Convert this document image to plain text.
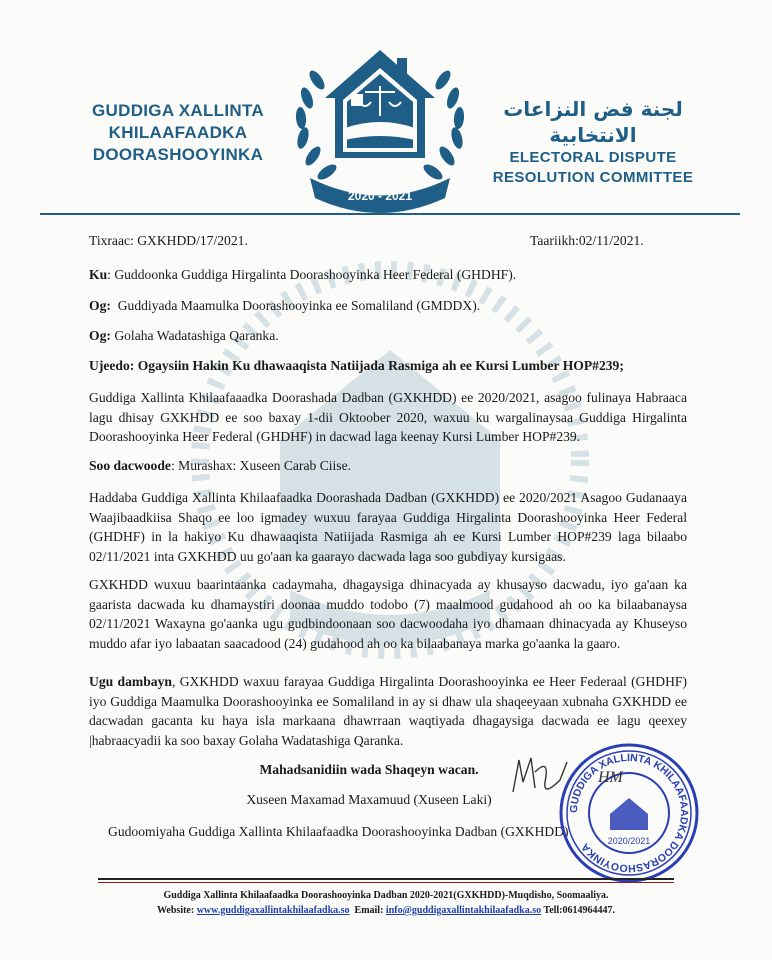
GUDDIGA XALLINTA
KHILAAFAADKA
DOORASHOOYINKA
2020 - 2021
لجنة فض النزاعات الانتخابية
ELECTORAL DISPUTE
RESOLUTION COMMITTEE
Tixraac: GXKHDD/17/2021.	Taariikh:02/11/2021.
Ku: Guddoonka Guddiga Hirgalinta Doorashooyinka Heer Federal (GHDHF).
Og: Guddiyada Maamulka Doorashooyinka ee Somaliland (GMDDX).
Og: Golaha Wadatashiga Qaranka.
Ujeedo: Ogaysiin Hakin Ku dhawaaqista Natiijada Rasmiga ah ee Kursi Lumber HOP#239;
Guddiga Xallinta Khilaafaaadka Doorashada Dadban (GXKHDD) ee 2020/2021, asagoo fulinaya Habraaca lagu dhisay GXKHDD ee soo baxay 1-dii Oktoober 2020, waxuu ku wargalinaysaa Guddiga Hirgalinta Doorashooyinka Heer Federal (GHDHF) in dacwad laga keenay Kursi Lumber HOP#239.
Soo dacwoode: Murashax: Xuseen Carab Ciise.
Haddaba Guddiga Xallinta Khilaafaadka Doorashada Dadban (GXKHDD) ee 2020/2021 Asagoo Gudanaaya Waajibaadkiisa Shaqo ee loo igmadey wuxuu farayaa Guddiga Hirgalinta Doorashooyinka Heer Federal (GHDHF) in la hakiyo Ku dhawaaqista Natiijada Rasmiga ah ee Kursi Lumber HOP#239 laga bilaabo 02/11/2021 inta GXKHDD uu go'aan ka gaarayo dacwada laga soo gubdiyay kursigaas.
GXKHDD wuxuu baarintaanka cadaymaha, dhagaysiga dhinacyada ay khusayso dacwadu, iyo ga'aan ka gaarista dacwada ku dhamaystiri doonaa muddo todobo (7) maalmood gudahood ah oo ka bilaabanaysa 02/11/2021 Waxayna go'aanka ugu gudbindoonaan soo dacwoodaha iyo dhamaan dhinacyada ay Khuseyso muddo afar iyo labaatan saacadood (24) gudahood ah oo ka bilaabanaya marka go'aanka la gaaro.
Ugu dambayn, GXKHDD waxuu farayaa Guddiga Hirgalinta Doorashooyinka ee Heer Federaal (GHDHF) iyo Guddiga Maamulka Doorashooyinka ee Somaliland in ay si dhaw ula shaqeeyaan xubnaha GXKHDD ee dacwadan gacanta ku haya isla markaana dhawrraan waqtiyada dhagaysiga dacwada ee lagu qeexey |habraacyadii ka soo baxay Golaha Wadatashiga Qaranka.
Mahadsanidiin wada Shaqeyn wacan.
Xuseen Maxamad Maxamuud (Xuseen Laki)
Gudoomiyaha Guddiga Xallinta Khilaafaadka Doorashooyinka Dadban (GXKHDD)
GUDDIGA XALLINTA KHILAAFAADKA DOORASHOOYINKA	2020/2021
HM
Guddiga Xallinta Khilaafaadka Doorashooyinka Dadban 2020-2021(GXKHDD)-Muqdisho, Soomaaliya.
Website: www.guddigaxallintakhilaafadka.so Email: info@guddigaxallintakhilaafadka.so Tell:0614964447.
